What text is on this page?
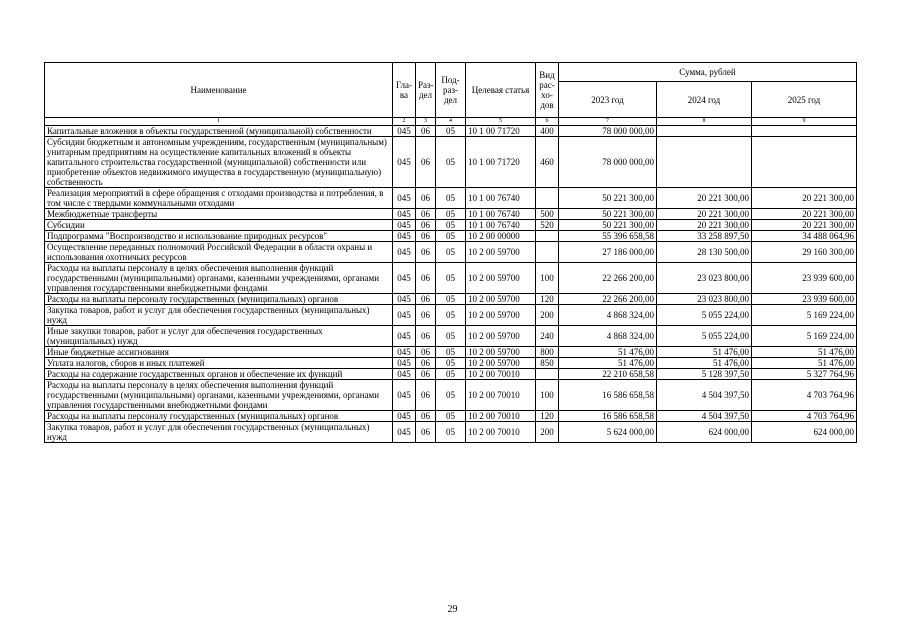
Наименование	Гла-ва	Раз-дел	Под-раз-дел	Целевая статья	Вид рас-хо-дов	Сумма, рублей		
						2023 год	2024 год	2025 год
1	2	3	4	5	6	7	8	9
Капитальные вложения в объекты государственной (муниципальной) собственности	045	06	05	10 1 00 71720	400	78 000 000,00		
Субсидии бюджетным и автономным учреждениям, государственным (муниципальным) унитарным предприятиям на осуществление капитальных вложений в объекты капитального строительства государственной (муниципальной) собственности или приобретение объектов недвижимого имущества в государственную (муниципальную) собственность	045	06	05	10 1 00 71720	460	78 000 000,00		
Реализация мероприятий в сфере обращения с отходами производства и потребления, в том числе с твердыми коммунальными отходами	045	06	05	10 1 00 76740		50 221 300,00	20 221 300,00	20 221 300,00
Межбюджетные трансферты	045	06	05	10 1 00 76740	500	50 221 300,00	20 221 300,00	20 221 300,00
Субсидии	045	06	05	10 1 00 76740	520	50 221 300,00	20 221 300,00	20 221 300,00
Подпрограмма "Воспроизводство и использование природных ресурсов"	045	06	05	10 2 00 00000		55 396 658,58	33 258 897,50	34 488 064,96
Осуществление переданных полномочий Российской Федерации в области охраны и использования охотничьих ресурсов	045	06	05	10 2 00 59700		27 186 000,00	28 130 500,00	29 160 300,00
Расходы на выплаты персоналу в целях обеспечения выполнения функций государственными (муниципальными) органами, казенными учреждениями, органами управления государственными внебюджетными фондами	045	06	05	10 2 00 59700	100	22 266 200,00	23 023 800,00	23 939 600,00
Расходы на выплаты персоналу государственных (муниципальных) органов	045	06	05	10 2 00 59700	120	22 266 200,00	23 023 800,00	23 939 600,00
Закупка товаров, работ и услуг для обеспечения государственных (муниципальных) нужд	045	06	05	10 2 00 59700	200	4 868 324,00	5 055 224,00	5 169 224,00
Иные закупки товаров, работ и услуг для обеспечения государственных (муниципальных) нужд	045	06	05	10 2 00 59700	240	4 868 324,00	5 055 224,00	5 169 224,00
Иные бюджетные ассигнования	045	06	05	10 2 00 59700	800	51 476,00	51 476,00	51 476,00
Уплата налогов, сборов и иных платежей	045	06	05	10 2 00 59700	850	51 476,00	51 476,00	51 476,00
Расходы на содержание государственных органов и обеспечение их функций	045	06	05	10 2 00 70010		22 210 658,58	5 128 397,50	5 327 764,96
Расходы на выплаты персоналу в целях обеспечения выполнения функций государственными (муниципальными) органами, казенными учреждениями, органами управления государственными внебюджетными фондами	045	06	05	10 2 00 70010	100	16 586 658,58	4 504 397,50	4 703 764,96
Расходы на выплаты персоналу государственных (муниципальных) органов	045	06	05	10 2 00 70010	120	16 586 658,58	4 504 397,50	4 703 764,96
Закупка товаров, работ и услуг для обеспечения государственных (муниципальных) нужд	045	06	05	10 2 00 70010	200	5 624 000,00	624 000,00	624 000,00
29
